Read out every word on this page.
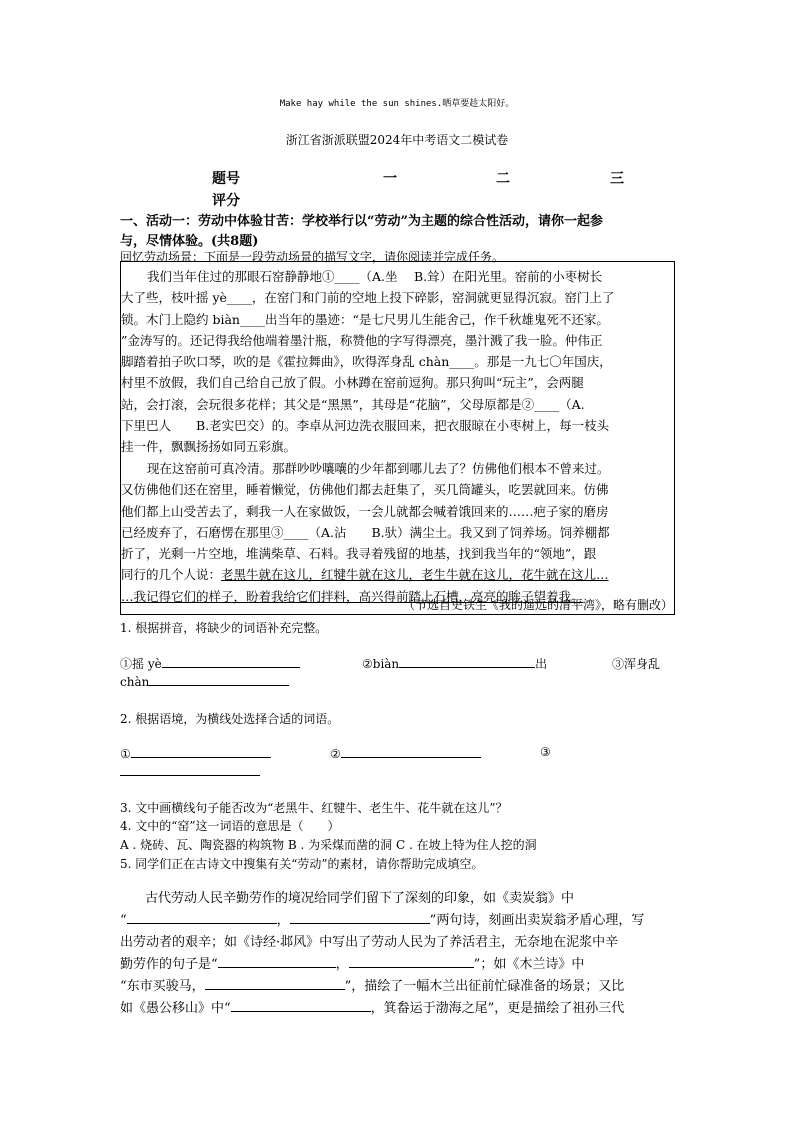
Make hay while the sun shines.晒草要趁太阳好。
浙江省浙派联盟2024年中考语文二模试卷
题号	一	二	三
评分
一、活动一：劳动中体验甘苦：学校举行以“劳动”为主题的综合性活动，请你一起参
与，尽情体验。(共8题)
回忆劳动场景：下面是一段劳动场景的描写文字，请你阅读并完成任务。
我们当年住过的那眼石窑静静地①____（A.坐　 B.耸）在阳光里。窑前的小枣树长
大了些，枝叶摇 yè____，在窑门和门前的空地上投下碎影，窑洞就更显得沉寂。窑门上了
锁。木门上隐约 biàn____出当年的墨迹：“是七尺男儿生能舍己，作千秋雄鬼死不还家。
”金涛写的。还记得我给他端着墨汁瓶，称赞他的字写得漂亮，墨汁溅了我一脸。仲伟正
脚踏着拍子吹口琴，吹的是《霍拉舞曲》，吹得浑身乱 chàn____。那是一九七〇年国庆，
村里不放假，我们自己给自己放了假。小林蹲在窑前逗狗。那只狗叫“玩主”，会两腿
站，会打滚，会玩很多花样；其父是“黑黑”，其母是“花脑”，父母原都是②____（A.
下里巴人　　B.老实巴交）的。李卓从河边洗衣服回来，把衣服晾在小枣树上，每一枝头
挂一件，飘飘扬扬如同五彩旗。
现在这窑前可真冷清。那群吵吵嚷嚷的少年都到哪儿去了？仿佛他们根本不曾来过。
又仿佛他们还在窑里，睡着懒觉，仿佛他们都去赶集了，买几筒罐头，吃罢就回来。仿佛
他们都上山受苦去了，剩我一人在家做饭，一会儿就都会喊着饿回来的……疤子家的磨房
已经废弃了，石磨愣在那里③____（A.沾　　B.驮）满尘土。我又到了饲养场。饲养棚都
折了，光剩一片空地，堆满柴草、石料。我寻着残留的地基，找到我当年的“领地”，跟
同行的几个人说：老黑牛就在这儿，红犍牛就在这儿，老生牛就在这儿，花牛就在这儿…
…我记得它们的样子，盼着我给它们拌料，高兴得前踏上石槽，亮亮的眸子望着我。
（节选自史铁生《我的遥远的清平湾》，略有删改）
1. 根据拼音，将缺少的词语补充完整。
①摇 yè	②biàn	出	③浑身乱
chàn
2. 根据语境，为横线处选择合适的词语。
①	②	③
3. 文中画横线句子能否改为“老黑牛、红犍牛、老生牛、花牛就在这儿”？
4. 文中的“窑”这一词语的意思是（　　）
A . 烧砖、瓦、陶瓷器的构筑物 B . 为采煤而凿的洞 C . 在坡上特为住人挖的洞
5. 同学们正在古诗文中搜集有关“劳动”的素材，请你帮助完成填空。
古代劳动人民辛勤劳作的境况给同学们留下了深刻的印象，如《卖炭翁》中
“	，	”两句诗，刻画出卖炭翁矛盾心理，写
出劳动者的艰辛；如《诗经·邶风》中写出了劳动人民为了养活君主，无奈地在泥浆中辛
勤劳作的句子是“	，	”；如《木兰诗》中
“东市买骏马，	”，描绘了一幅木兰出征前忙碌准备的场景；又比
如《愚公移山》中“	，箕畚运于渤海之尾”，更是描绘了祖孙三代
